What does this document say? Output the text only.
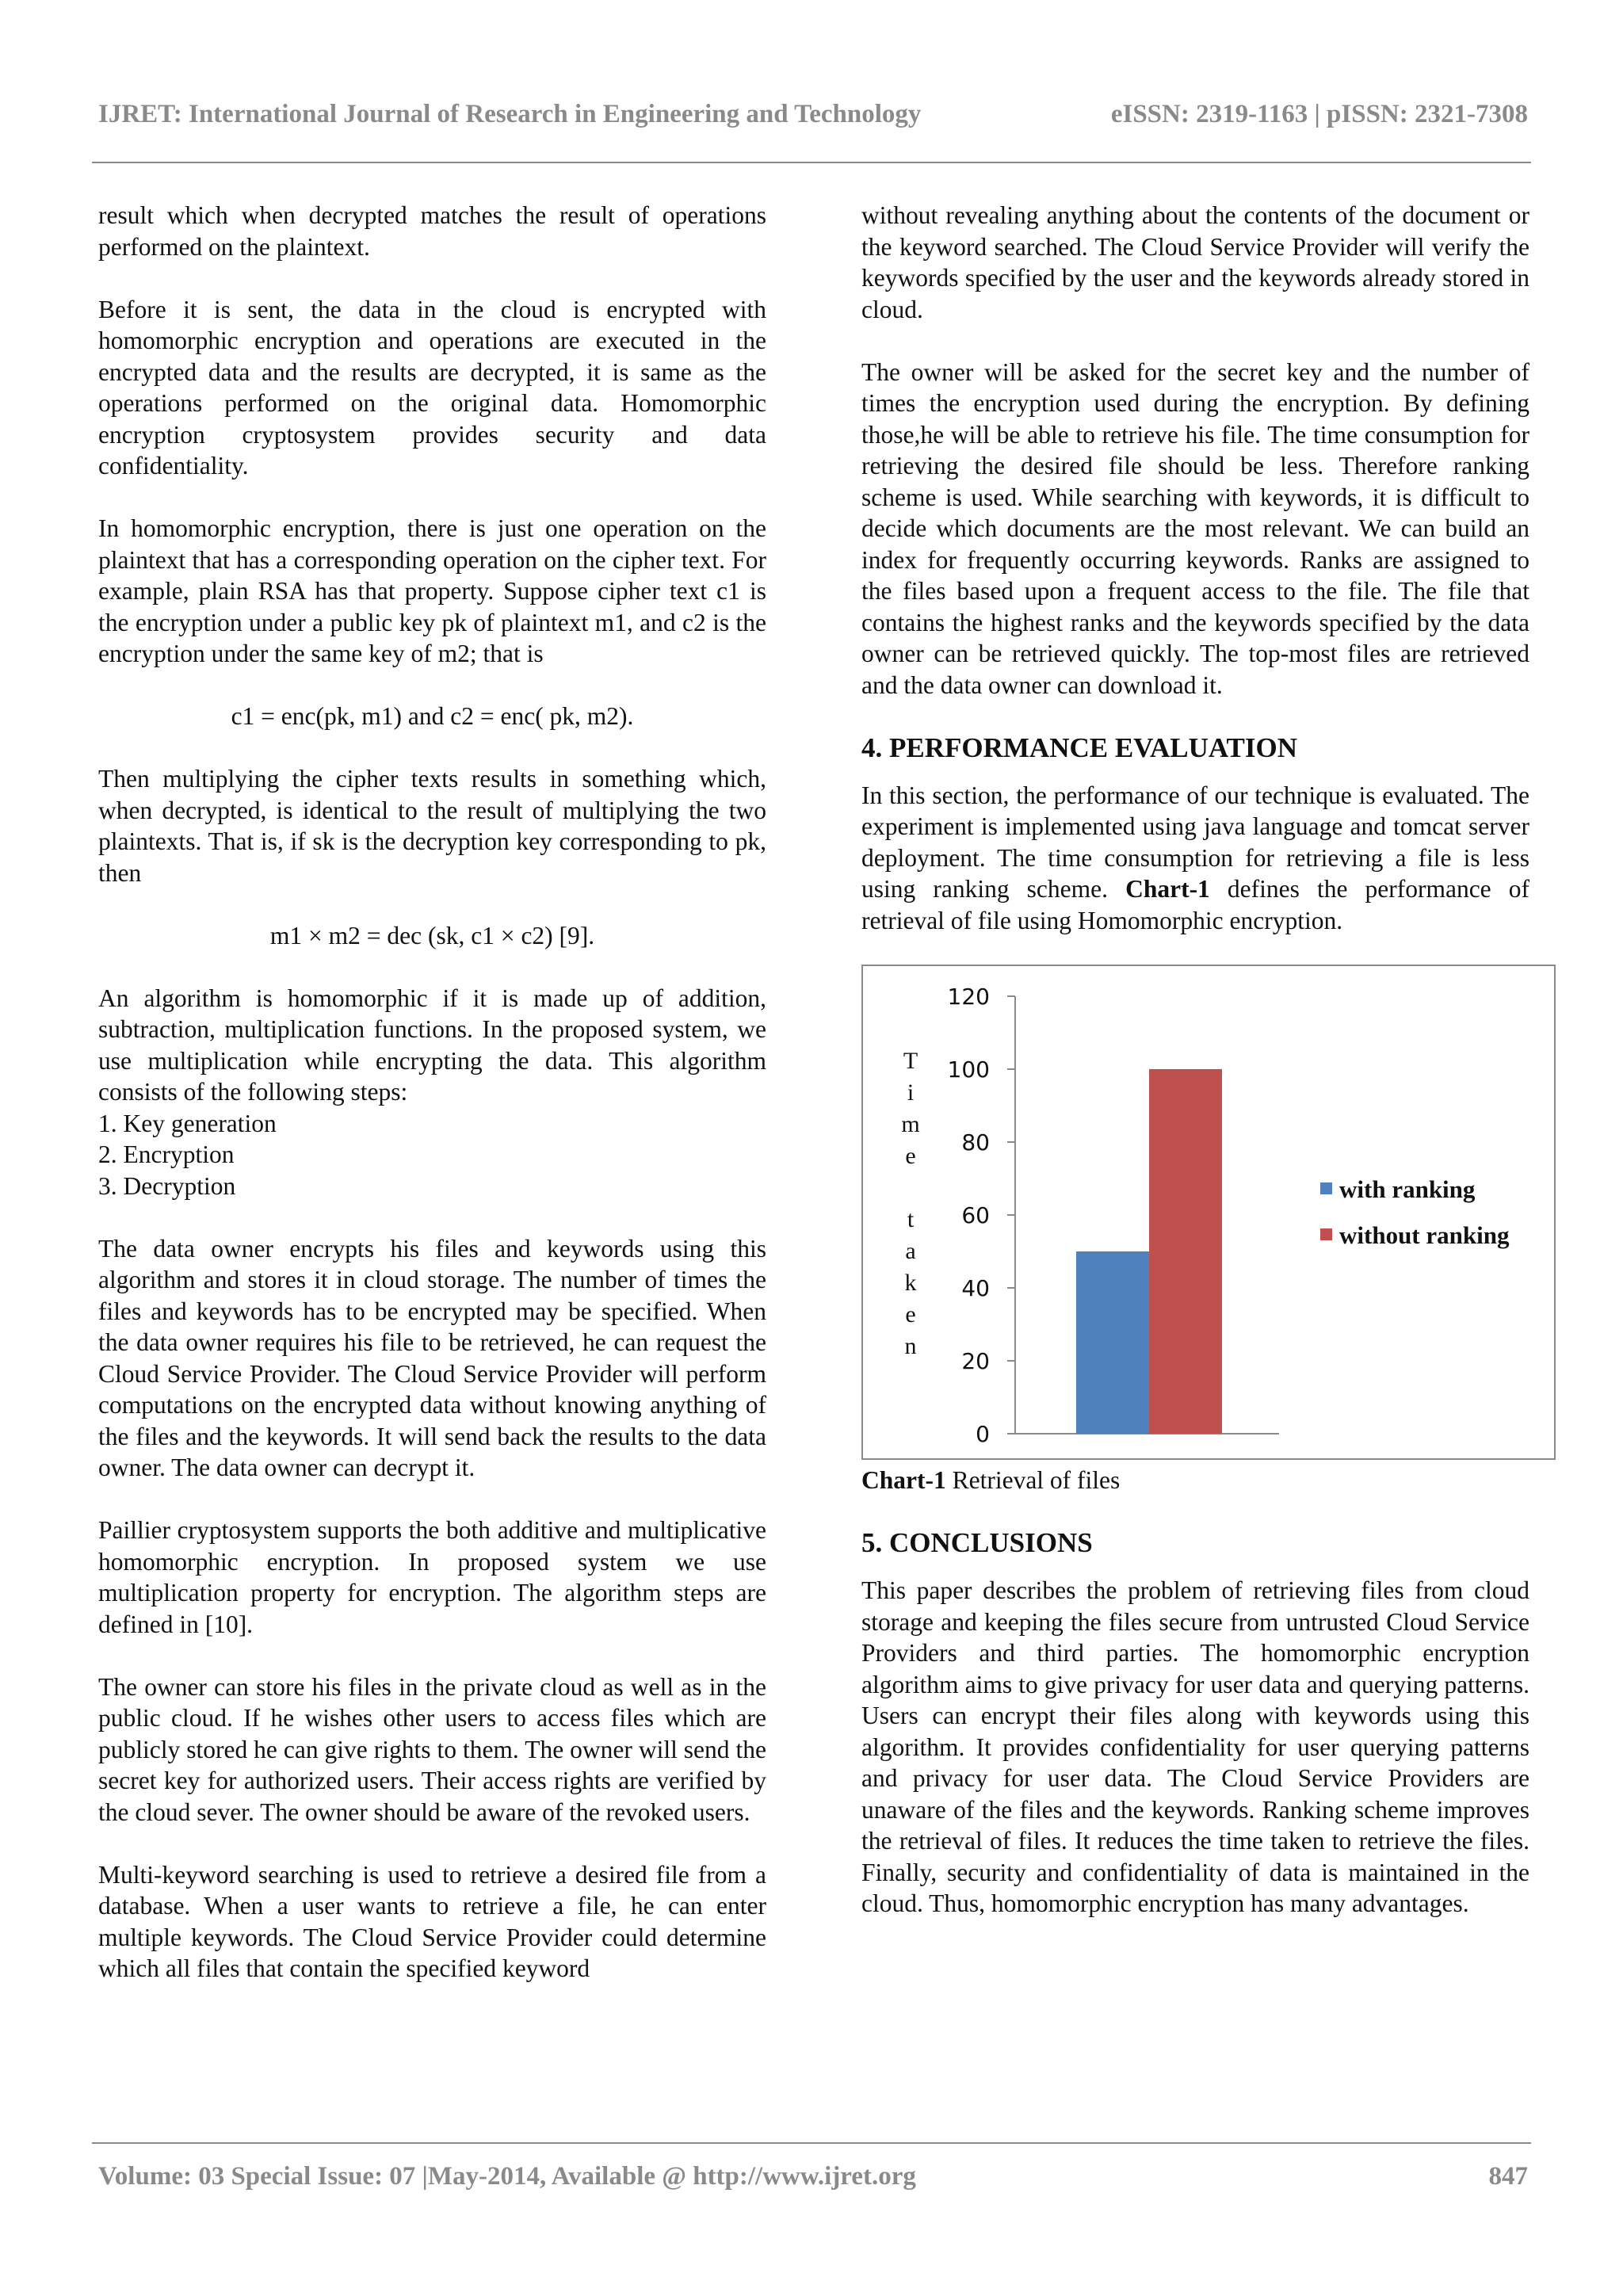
IJRET: International Journal of Research in Engineering and Technology	eISSN: 2319-1163 | pISSN: 2321-7308

result which when decrypted matches the result of operations performed on the plaintext.

Before it is sent, the data in the cloud is encrypted with homomorphic encryption and operations are executed in the encrypted data and the results are decrypted, it is same as the operations performed on the original data. Homomorphic encryption cryptosystem provides security and data confidentiality.

In homomorphic encryption, there is just one operation on the plaintext that has a corresponding operation on the cipher text. For example, plain RSA has that property. Suppose cipher text c1 is the encryption under a public key pk of plaintext m1, and c2 is the encryption under the same key of m2; that is

c1 = enc(pk, m1) and c2 = enc( pk, m2).

Then multiplying the cipher texts results in something which, when decrypted, is identical to the result of multiplying the two plaintexts. That is, if sk is the decryption key corresponding to pk, then

m1 × m2 = dec (sk, c1 × c2) [9].

An algorithm is homomorphic if it is made up of addition, subtraction, multiplication functions. In the proposed system, we use multiplication while encrypting the data. This algorithm consists of the following steps:

1. Key generation
2. Encryption
3. Decryption

The data owner encrypts his files and keywords using this algorithm and stores it in cloud storage. The number of times the files and keywords has to be encrypted may be specified. When the data owner requires his file to be retrieved, he can request the Cloud Service Provider. The Cloud Service Provider will perform computations on the encrypted data without knowing anything of the files and the keywords. It will send back the results to the data owner. The data owner can decrypt it.

Paillier cryptosystem supports the both additive and multiplicative homomorphic encryption. In proposed system we use multiplication property for encryption. The algorithm steps are defined in [10].

The owner can store his files in the private cloud as well as in the public cloud. If he wishes other users to access files which are publicly stored he can give rights to them. The owner will send the secret key for authorized users. Their access rights are verified by the cloud sever. The owner should be aware of the revoked users.

Multi-keyword searching is used to retrieve a desired file from a database. When a user wants to retrieve a file, he can enter multiple keywords. The Cloud Service Provider could determine which all files that contain the specified keyword

without revealing anything about the contents of the document or the keyword searched. The Cloud Service Provider will verify the keywords specified by the user and the keywords already stored in cloud.

The owner will be asked for the secret key and the number of times the encryption used during the encryption. By defining those,he will be able to retrieve his file. The time consumption for retrieving the desired file should be less. Therefore ranking scheme is used. While searching with keywords, it is difficult to decide which documents are the most relevant. We can build an index for frequently occurring keywords. Ranks are assigned to the files based upon a frequent access to the file. The file that contains the highest ranks and the keywords specified by the data owner can be retrieved quickly. The top-most files are retrieved and the data owner can download it.

4. PERFORMANCE EVALUATION

In this section, the performance of our technique is evaluated. The experiment is implemented using java language and tomcat server deployment. The time consumption for retrieving a file is less using ranking scheme. Chart-1 defines the performance of retrieval of file using Homomorphic encryption.

0
20
40
60
80
100
120
T
i
m
e
t
a
k
e
n
with ranking
without ranking

Chart-1 Retrieval of files

5. CONCLUSIONS

This paper describes the problem of retrieving files from cloud storage and keeping the files secure from untrusted Cloud Service Providers and third parties. The homomorphic encryption algorithm aims to give privacy for user data and querying patterns. Users can encrypt their files along with keywords using this algorithm. It provides confidentiality for user querying patterns and privacy for user data. The Cloud Service Providers are unaware of the files and the keywords. Ranking scheme improves the retrieval of files. It reduces the time taken to retrieve the files. Finally, security and confidentiality of data is maintained in the cloud. Thus, homomorphic encryption has many advantages.

Volume: 03 Special Issue: 07 |May-2014, Available @ http://www.ijret.org	847
